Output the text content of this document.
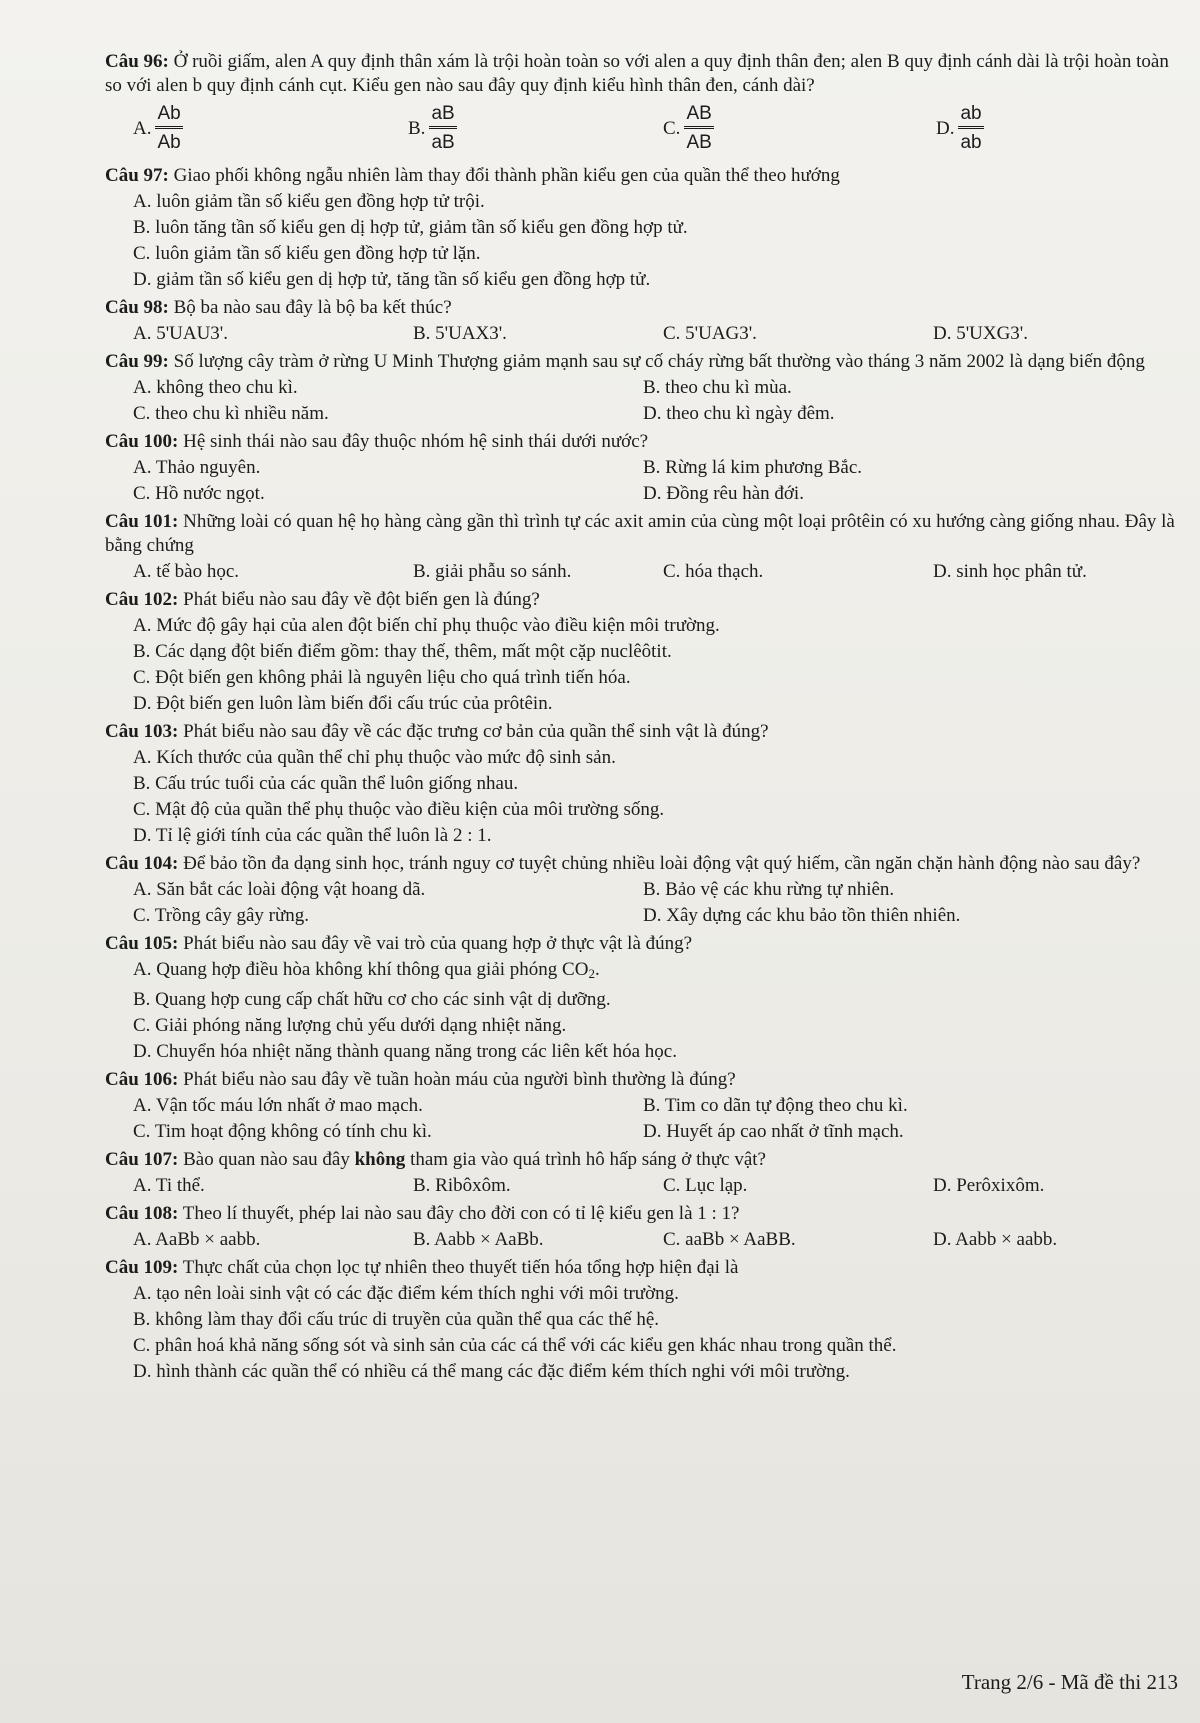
Câu 96: Ở ruồi giấm, alen A quy định thân xám là trội hoàn toàn so với alen a quy định thân đen; alen B quy định cánh dài là trội hoàn toàn so với alen b quy định cánh cụt. Kiểu gen nào sau đây quy định kiểu hình thân đen, cánh dài?
A. $\frac{Ab}{Ab}$	B. $\frac{aB}{aB}$	C. $\frac{AB}{AB}$	D. $\frac{ab}{ab}$
Câu 97: Giao phối không ngẫu nhiên làm thay đổi thành phần kiểu gen của quần thể theo hướng
A. luôn giảm tần số kiểu gen đồng hợp tử trội.
B. luôn tăng tần số kiểu gen dị hợp tử, giảm tần số kiểu gen đồng hợp tử.
C. luôn giảm tần số kiểu gen đồng hợp tử lặn.
D. giảm tần số kiểu gen dị hợp tử, tăng tần số kiểu gen đồng hợp tử.
Câu 98: Bộ ba nào sau đây là bộ ba kết thúc?
A. 5'UAU3'.	B. 5'UAX3'.	C. 5'UAG3'.	D. 5'UXG3'.
Câu 99: Số lượng cây tràm ở rừng U Minh Thượng giảm mạnh sau sự cố cháy rừng bất thường vào tháng 3 năm 2002 là dạng biến động
A. không theo chu kì.	B. theo chu kì mùa.
C. theo chu kì nhiều năm.	D. theo chu kì ngày đêm.
Câu 100: Hệ sinh thái nào sau đây thuộc nhóm hệ sinh thái dưới nước?
A. Thảo nguyên.	B. Rừng lá kim phương Bắc.
C. Hồ nước ngọt.	D. Đồng rêu hàn đới.
Câu 101: Những loài có quan hệ họ hàng càng gần thì trình tự các axit amin của cùng một loại prôtêin có xu hướng càng giống nhau. Đây là bằng chứng
A. tế bào học.	B. giải phẫu so sánh.	C. hóa thạch.	D. sinh học phân tử.
Câu 102: Phát biểu nào sau đây về đột biến gen là đúng?
A. Mức độ gây hại của alen đột biến chỉ phụ thuộc vào điều kiện môi trường.
B. Các dạng đột biến điểm gồm: thay thế, thêm, mất một cặp nuclêôtit.
C. Đột biến gen không phải là nguyên liệu cho quá trình tiến hóa.
D. Đột biến gen luôn làm biến đổi cấu trúc của prôtêin.
Câu 103: Phát biểu nào sau đây về các đặc trưng cơ bản của quần thể sinh vật là đúng?
A. Kích thước của quần thể chỉ phụ thuộc vào mức độ sinh sản.
B. Cấu trúc tuổi của các quần thể luôn giống nhau.
C. Mật độ của quần thể phụ thuộc vào điều kiện của môi trường sống.
D. Tỉ lệ giới tính của các quần thể luôn là 2 : 1.
Câu 104: Để bảo tồn đa dạng sinh học, tránh nguy cơ tuyệt chủng nhiều loài động vật quý hiếm, cần ngăn chặn hành động nào sau đây?
A. Săn bắt các loài động vật hoang dã.	B. Bảo vệ các khu rừng tự nhiên.
C. Trồng cây gây rừng.	D. Xây dựng các khu bảo tồn thiên nhiên.
Câu 105: Phát biểu nào sau đây về vai trò của quang hợp ở thực vật là đúng?
A. Quang hợp điều hòa không khí thông qua giải phóng $CO_2$.
B. Quang hợp cung cấp chất hữu cơ cho các sinh vật dị dưỡng.
C. Giải phóng năng lượng chủ yếu dưới dạng nhiệt năng.
D. Chuyển hóa nhiệt năng thành quang năng trong các liên kết hóa học.
Câu 106: Phát biểu nào sau đây về tuần hoàn máu của người bình thường là đúng?
A. Vận tốc máu lớn nhất ở mao mạch.	B. Tim co dãn tự động theo chu kì.
C. Tim hoạt động không có tính chu kì.	D. Huyết áp cao nhất ở tĩnh mạch.
Câu 107: Bào quan nào sau đây không tham gia vào quá trình hô hấp sáng ở thực vật?
A. Ti thể.	B. Ribôxôm.	C. Lục lạp.	D. Perôxixôm.
Câu 108: Theo lí thuyết, phép lai nào sau đây cho đời con có tỉ lệ kiểu gen là 1 : 1?
A. AaBb × aabb.	B. Aabb × AaBb.	C. aaBb × AaBB.	D. Aabb × aabb.
Câu 109: Thực chất của chọn lọc tự nhiên theo thuyết tiến hóa tổng hợp hiện đại là
A. tạo nên loài sinh vật có các đặc điểm kém thích nghi với môi trường.
B. không làm thay đổi cấu trúc di truyền của quần thể qua các thế hệ.
C. phân hoá khả năng sống sót và sinh sản của các cá thể với các kiểu gen khác nhau trong quần thể.
D. hình thành các quần thể có nhiều cá thể mang các đặc điểm kém thích nghi với môi trường.
Trang 2/6 - Mã đề thi 213
